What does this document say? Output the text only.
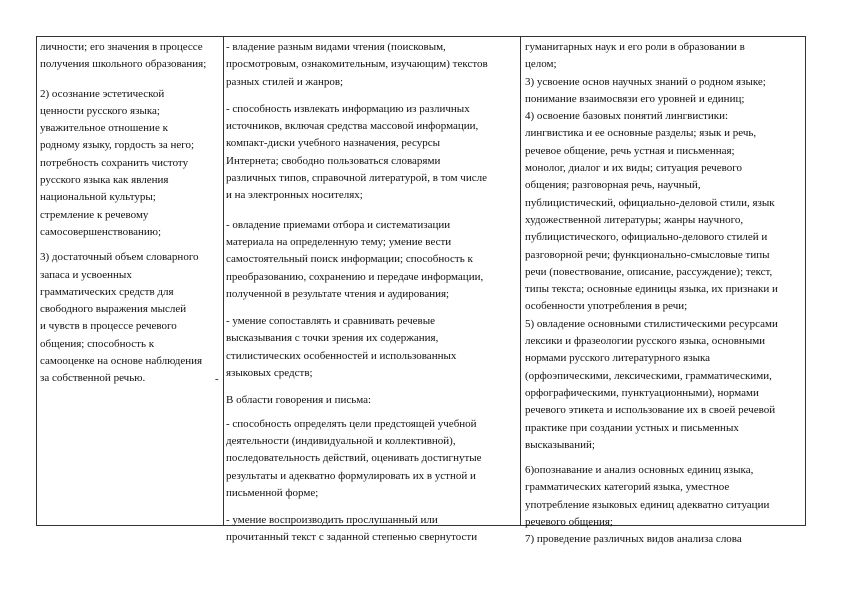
личности; его значения в процессе
получения школьного образования;

2) осознание эстетической
ценности русского языка;
уважительное отношение к
родному языку, гордость за него;
потребность сохранить чистоту
русского языка как явления
национальной культуры;
стремление к речевому
самосовершенствованию;

3) достаточный объем словарного
запаса и усвоенных
грамматических средств для

свободного выражения мыслей
и чувств в процессе речевого
общения; способность к
самооценке на основе наблюдения
за собственной речью.	-

- владение разным видами чтения (поисковым,
просмотровым, ознакомительным, изучающим) текстов
разных стилей и жанров;

- способность извлекать информацию из различных
источников, включая средства массовой информации,
компакт-диски учебного назначения, ресурсы
Интернета; свободно пользоваться словарями
различных типов, справочной литературой, в том числе
и на электронных носителях;

- овладение приемами отбора и систематизации
материала на определенную тему; умение вести
самостоятельный поиск информации; способность к
преобразованию, сохранению и передаче информации,
полученной в результате чтения и аудирования;

- умение сопоставлять и сравнивать речевые
высказывания с точки зрения их содержания,
стилистических особенностей и использованных
языковых средств;

В области говорения и письма:

- способность определять цели предстоящей учебной
деятельности (индивидуальной и коллективной),
последовательность действий, оценивать достигнутые
результаты и адекватно формулировать их в устной и
письменной форме;

- умение воспроизводить прослушанный или
прочитанный текст с заданной степенью свернутости

гуманитарных наук и его роли в образовании в
целом;
3) усвоение основ научных знаний о родном языке;
понимание взаимосвязи его уровней и единиц;
4) освоение базовых понятий лингвистики:
лингвистика и ее основные разделы; язык и речь,
речевое общение, речь устная и письменная;
монолог, диалог и их виды; ситуация речевого
общения; разговорная речь, научный,
публицистический, официально-деловой стили, язык
художественной литературы; жанры научного,
публицистического, официально-делового стилей и
разговорной речи; функционально-смысловые типы
речи (повествование, описание, рассуждение); текст,
типы текста; основные единицы языка, их признаки и
особенности употребления в речи;
5) овладение основными стилистическими ресурсами
лексики и фразеологии русского языка, основными
нормами русского литературного языка
(орфоэпическими, лексическими, грамматическими,
орфографическими, пунктуационными), нормами
речевого этикета и использование их в своей речевой
практике при создании устных и письменных
высказываний;

6)опознавание и анализ основных единиц языка,
грамматических категорий языка, уместное
употребление языковых единиц адекватно ситуации
речевого общения;
7) проведение различных видов анализа слова
